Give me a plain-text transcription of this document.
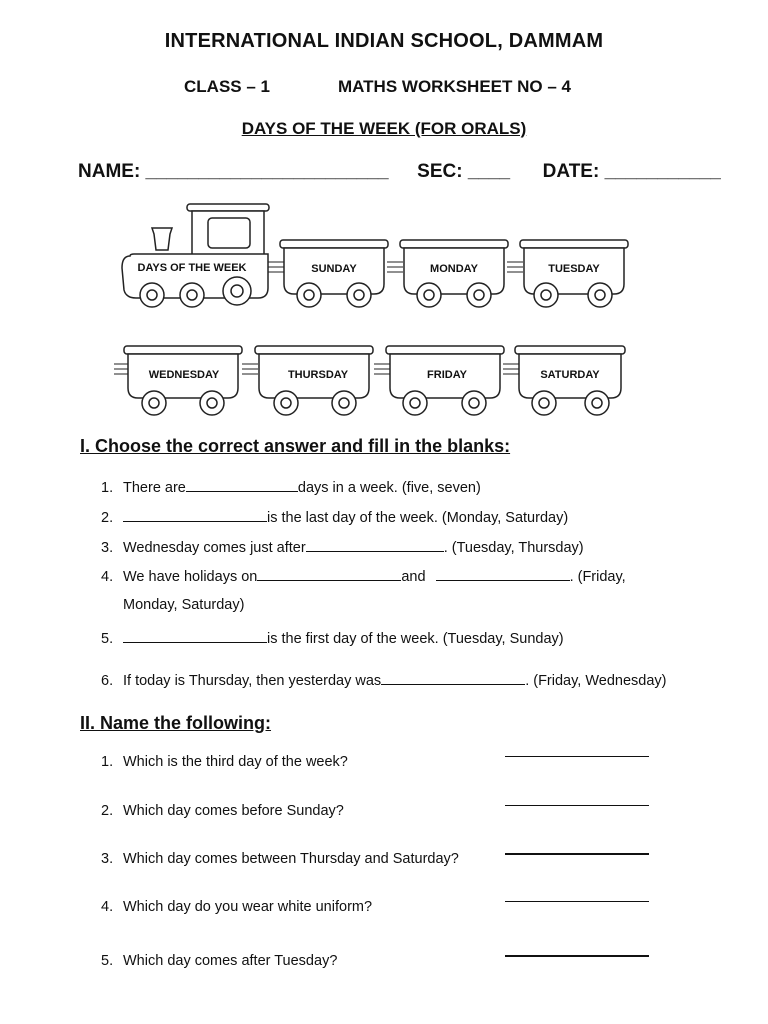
INTERNATIONAL INDIAN SCHOOL, DAMMAM
CLASS – 1	MATHS WORKSHEET NO – 4
DAYS OF THE WEEK (FOR ORALS)
NAME: _______________________ SEC: ____ DATE: ___________
DAYS OF THE WEEK	SUNDAY	MONDAY	TUESDAY
WEDNESDAY	THURSDAY	FRIDAY	SATURDAY
I. Choose the correct answer and fill in the blanks:
1. There are	days in a week. (five, seven)
2.	is the last day of the week. (Monday, Saturday)
3. Wednesday comes just after	. (Tuesday, Thursday)
4. We have holidays on	and	. (Friday,
Monday, Saturday)
5.	is the first day of the week. (Tuesday, Sunday)
6. If today is Thursday, then yesterday was	. (Friday, Wednesday)
II. Name the following:
1. Which is the third day of the week?
2. Which day comes before Sunday?
3. Which day comes between Thursday and Saturday?
4. Which day do you wear white uniform?
5. Which day comes after Tuesday?
